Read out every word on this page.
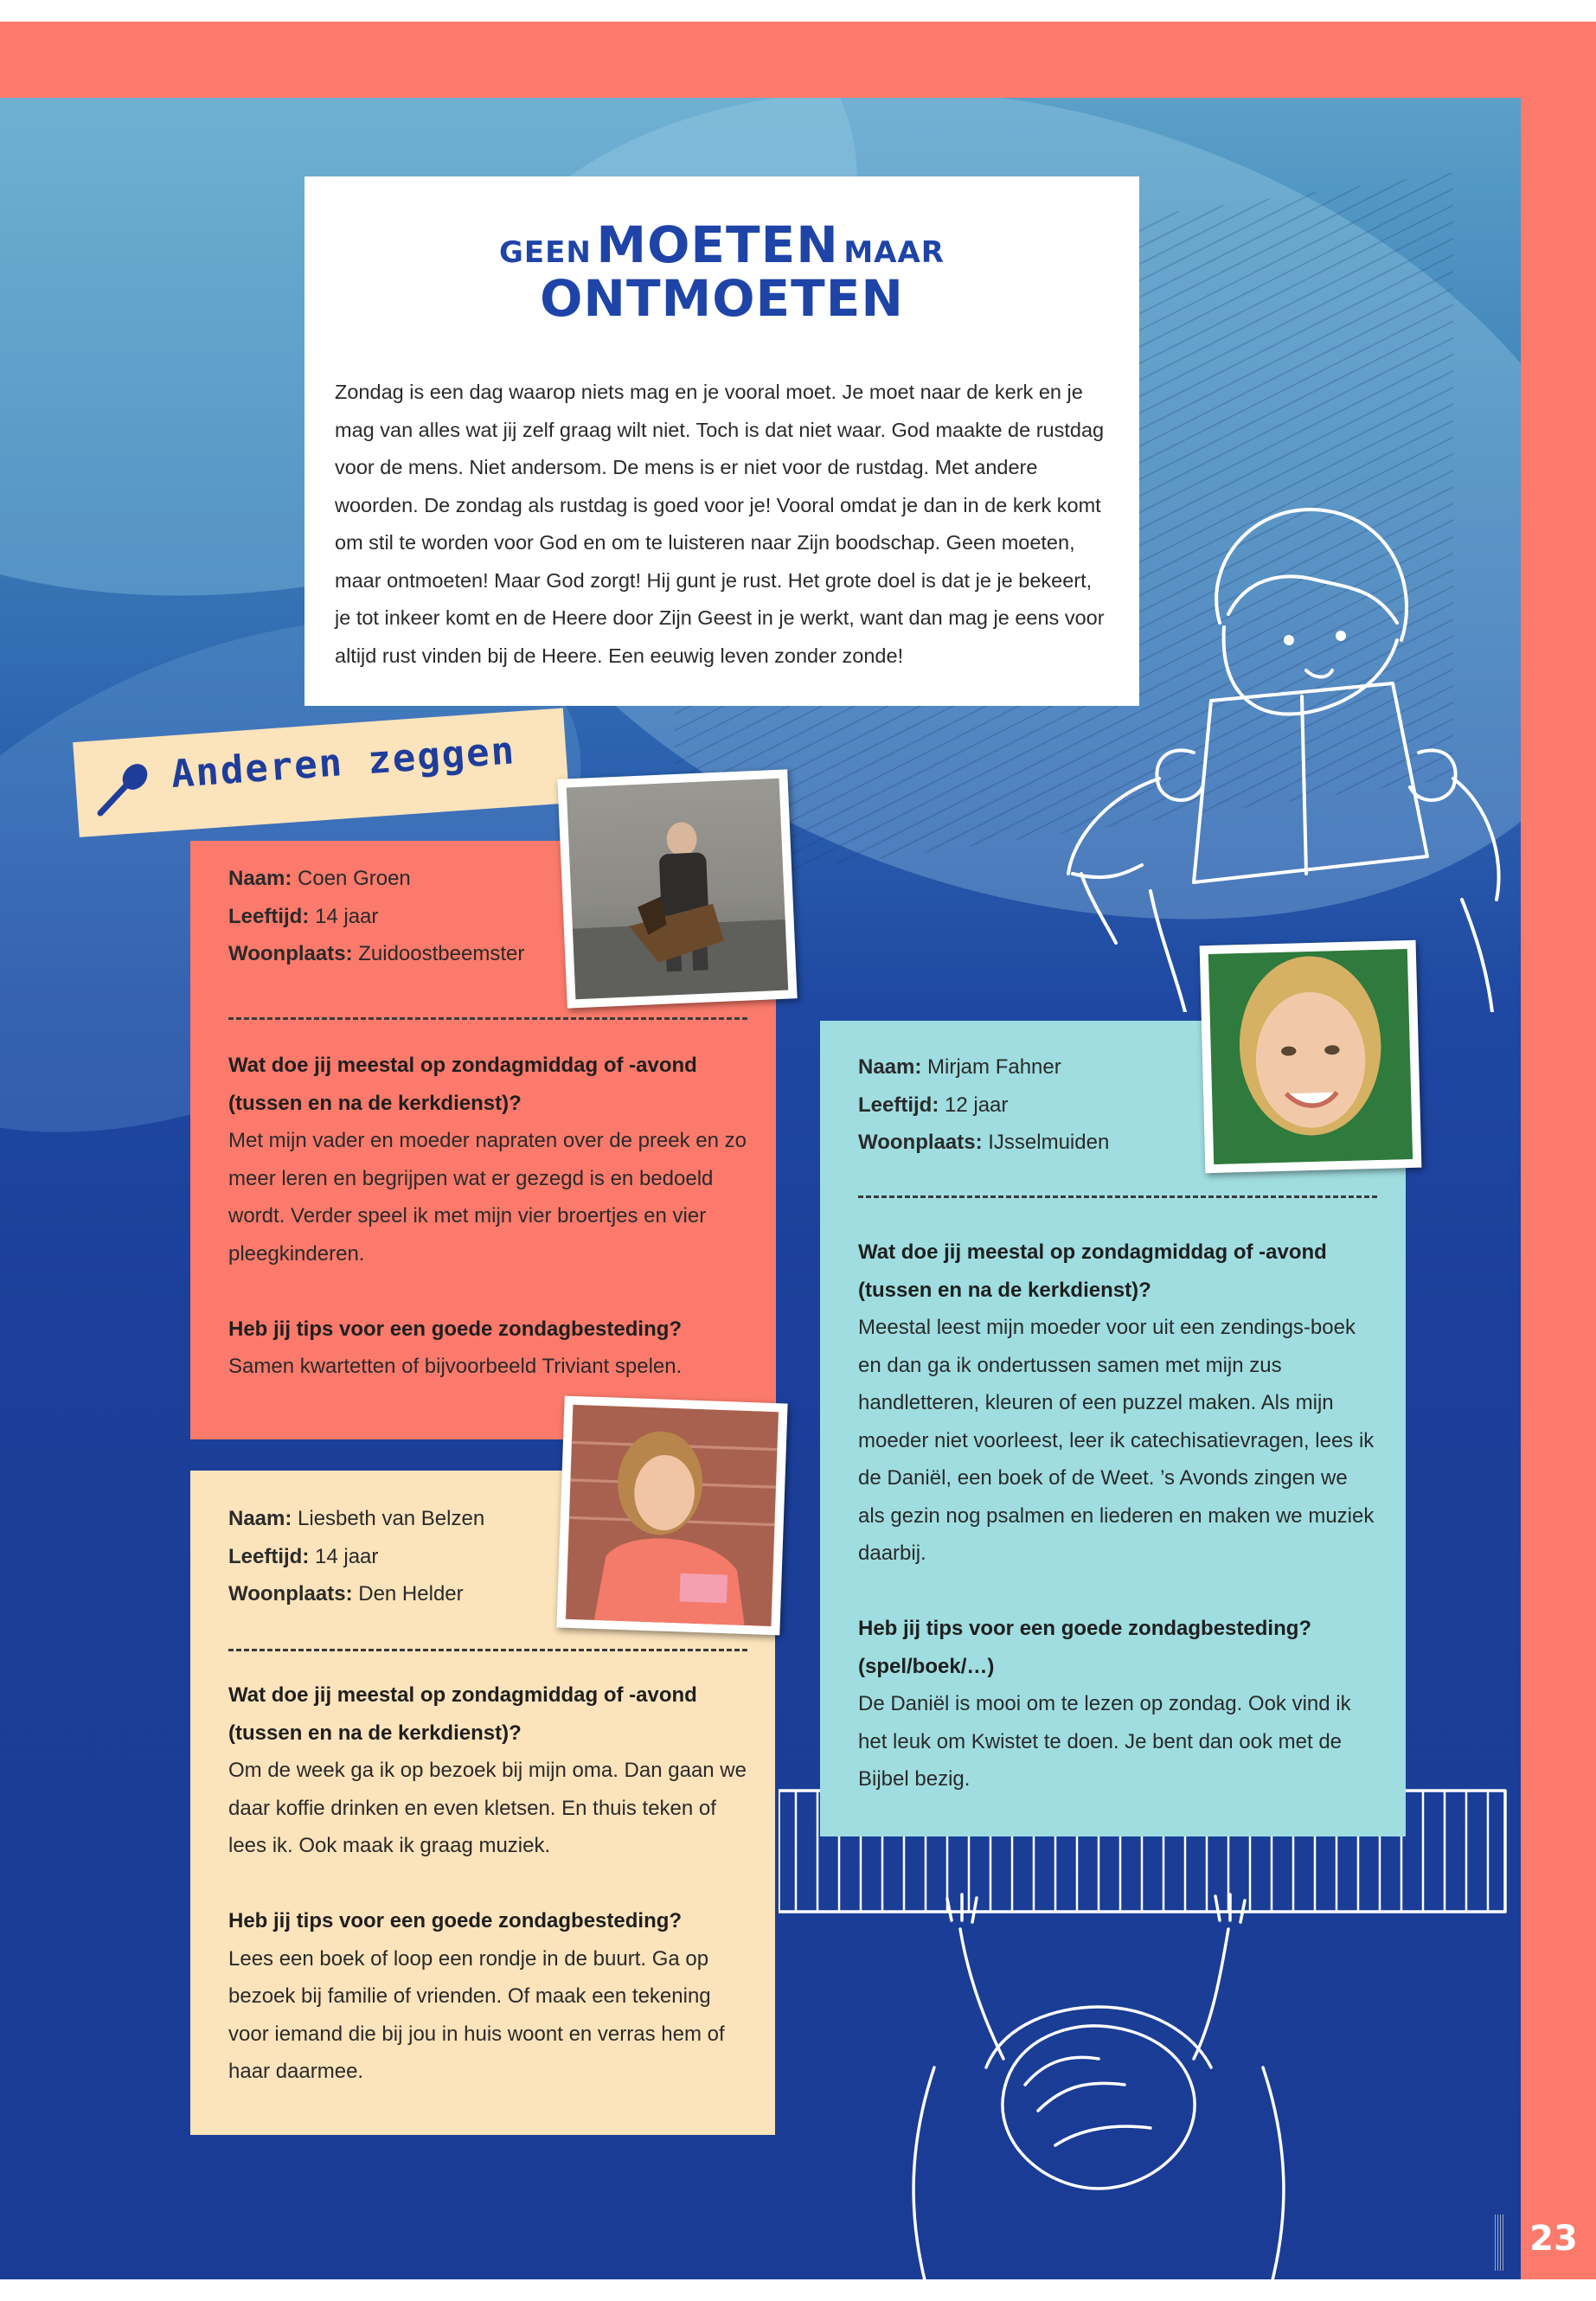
GEEN MOETEN MAAR
ONTMOETEN
Zondag is een dag waarop niets mag en je vooral moet. Je moet naar de kerk en je mag van alles wat jij zelf graag wilt niet. Toch is dat niet waar. God maakte de rustdag voor de mens. Niet andersom. De mens is er niet voor de rustdag. Met andere woorden. De zondag als rustdag is goed voor je! Vooral omdat je dan in de kerk komt om stil te worden voor God en om te luisteren naar Zijn boodschap. Geen moeten, maar ontmoeten! Maar God zorgt! Hij gunt je rust. Het grote doel is dat je je bekeert, je tot inkeer komt en de Heere door Zijn Geest in je werkt, want dan mag je eens voor altijd rust vinden bij de Heere. Een eeuwig leven zonder zonde!
Anderen zeggen
Naam: Coen Groen
Leeftijd: 14 jaar
Woonplaats: Zuidoostbeemster
Wat doe jij meestal op zondagmiddag of -avond (tussen en na de kerkdienst)?
Met mijn vader en moeder napraten over de preek en zo meer leren en begrijpen wat er gezegd is en bedoeld wordt. Verder speel ik met mijn vier broertjes en vier pleegkinderen.
Heb jij tips voor een goede zondagbesteding?
Samen kwartetten of bijvoorbeeld Triviant spelen.
Naam: Liesbeth van Belzen
Leeftijd: 14 jaar
Woonplaats: Den Helder
Wat doe jij meestal op zondagmiddag of -avond (tussen en na de kerkdienst)?
Om de week ga ik op bezoek bij mijn oma. Dan gaan we daar koffie drinken en even kletsen. En thuis teken of lees ik. Ook maak ik graag muziek.
Heb jij tips voor een goede zondagbesteding?
Lees een boek of loop een rondje in de buurt. Ga op bezoek bij familie of vrienden. Of maak een tekening voor iemand die bij jou in huis woont en verras hem of haar daarmee.
Naam: Mirjam Fahner
Leeftijd: 12 jaar
Woonplaats: IJsselmuiden
Wat doe jij meestal op zondagmiddag of -avond (tussen en na de kerkdienst)?
Meestal leest mijn moeder voor uit een zendings-boek en dan ga ik ondertussen samen met mijn zus handletteren, kleuren of een puzzel maken. Als mijn moeder niet voorleest, leer ik catechisatievragen, lees ik de Daniël, een boek of de Weet. ’s Avonds zingen we als gezin nog psalmen en liederen en maken we muziek daarbij.
Heb jij tips voor een goede zondagbesteding? (spel/boek/…)
De Daniël is mooi om te lezen op zondag. Ook vind ik het leuk om Kwistet te doen. Je bent dan ook met de Bijbel bezig.
23
